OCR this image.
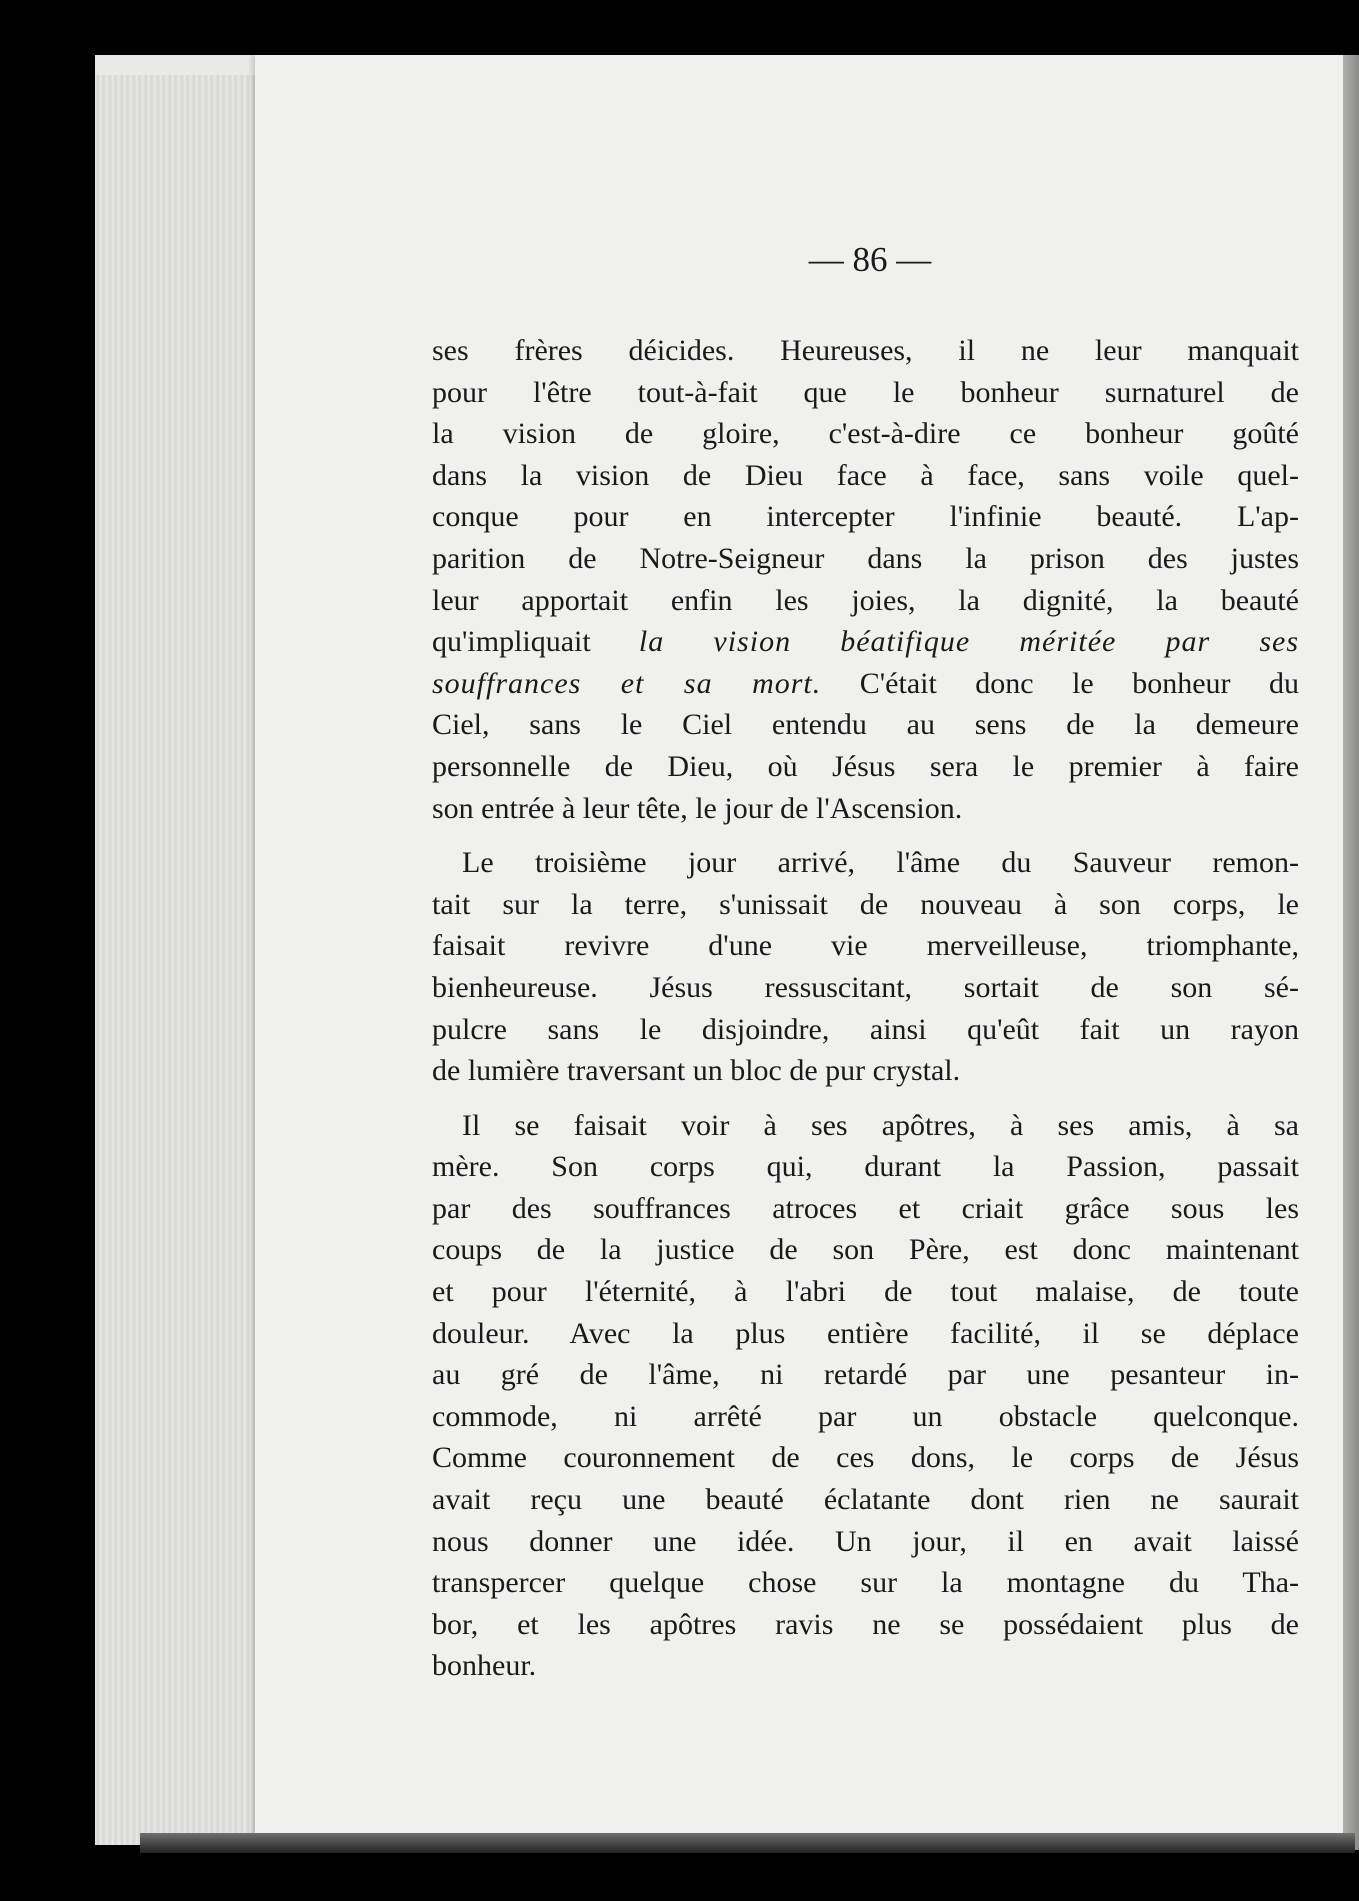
— 86 —
ses frères déicides. Heureuses, il ne leur manquait
pour l'être tout-à-fait que le bonheur surnaturel de
la vision de gloire, c'est-à-dire ce bonheur goûté
dans la vision de Dieu face à face, sans voile quel-
conque pour en intercepter l'infinie beauté. L'ap-
parition de Notre-Seigneur dans la prison des justes
leur apportait enfin les joies, la dignité, la beauté
qu'impliquait la vision béatifique méritée par ses
souffrances et sa mort. C'était donc le bonheur du
Ciel, sans le Ciel entendu au sens de la demeure
personnelle de Dieu, où Jésus sera le premier à faire
son entrée à leur tête, le jour de l'Ascension.
Le troisième jour arrivé, l'âme du Sauveur remon-
tait sur la terre, s'unissait de nouveau à son corps, le
faisait revivre d'une vie merveilleuse, triomphante,
bienheureuse. Jésus ressuscitant, sortait de son sé-
pulcre sans le disjoindre, ainsi qu'eût fait un rayon
de lumière traversant un bloc de pur crystal.
Il se faisait voir à ses apôtres, à ses amis, à sa
mère. Son corps qui, durant la Passion, passait
par des souffrances atroces et criait grâce sous les
coups de la justice de son Père, est donc maintenant
et pour l'éternité, à l'abri de tout malaise, de toute
douleur. Avec la plus entière facilité, il se déplace
au gré de l'âme, ni retardé par une pesanteur in-
commode, ni arrêté par un obstacle quelconque.
Comme couronnement de ces dons, le corps de Jésus
avait reçu une beauté éclatante dont rien ne saurait
nous donner une idée. Un jour, il en avait laissé
transpercer quelque chose sur la montagne du Tha-
bor, et les apôtres ravis ne se possédaient plus de
bonheur.
